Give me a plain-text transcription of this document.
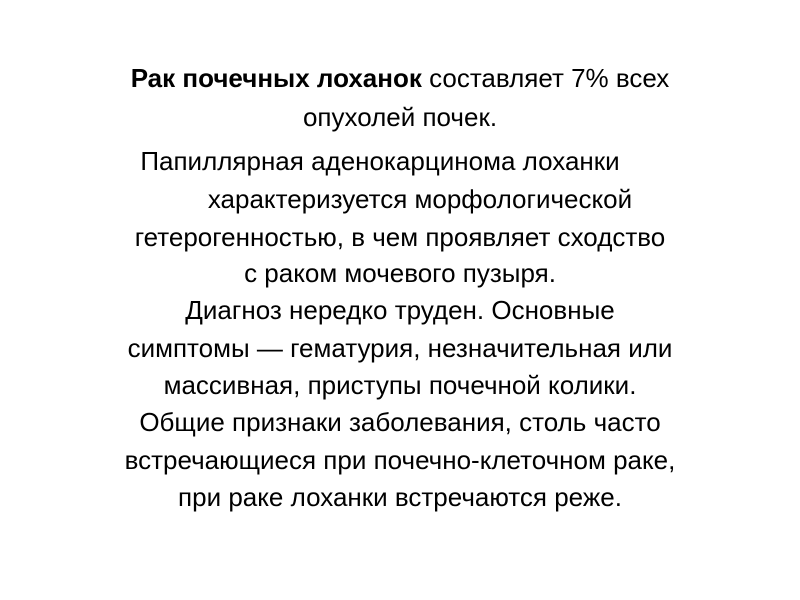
Рак почечных лоханок составляет 7% всех
опухолей почек.
Папиллярная аденокарцинома лоханки
характеризуется морфологической
гетерогенностью, в чем проявляет сходство
с раком мочевого пузыря.
Диагноз нередко труден. Основные
симптомы — гематурия, незначительная или
массивная, приступы почечной колики.
Общие признаки заболевания, столь часто
встречающиеся при почечно-клеточном раке,
при раке лоханки встречаются реже.
